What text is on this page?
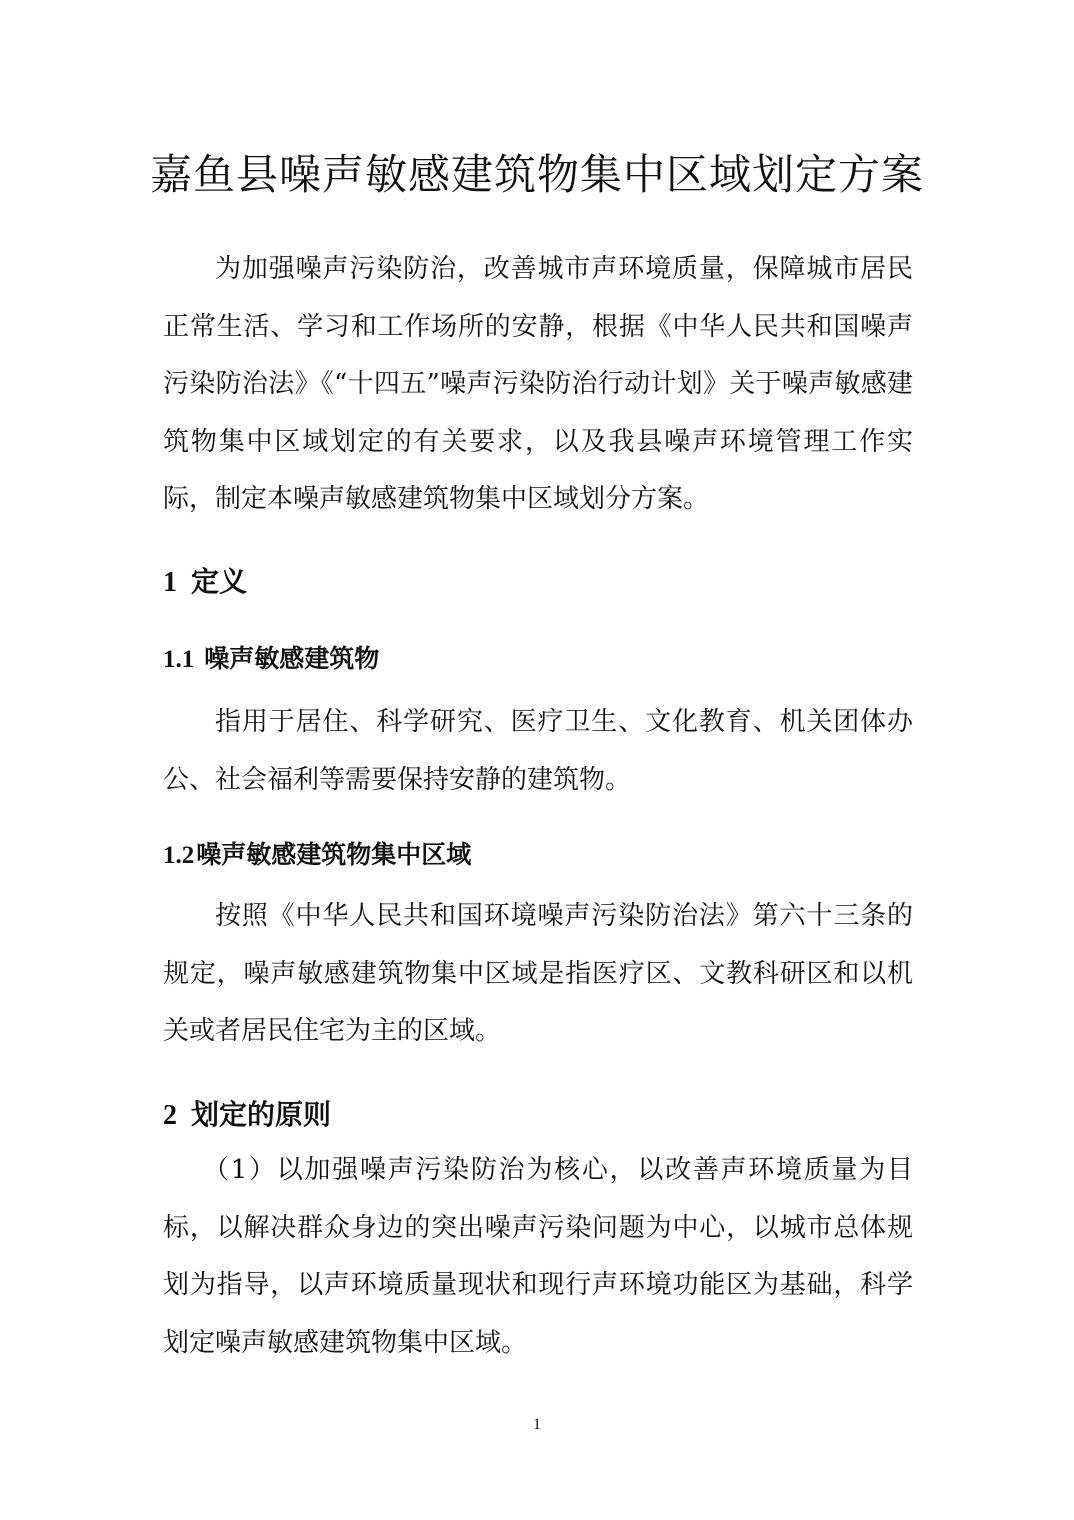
嘉鱼县噪声敏感建筑物集中区域划定方案

为加强噪声污染防治，改善城市声环境质量，保障城市居民正常生活、学习和工作场所的安静，根据《中华人民共和国噪声污染防治法》《“十四五”噪声污染防治行动计划》关于噪声敏感建筑物集中区域划定的有关要求，以及我县噪声环境管理工作实际，制定本噪声敏感建筑物集中区域划分方案。

1 定义
1.1 噪声敏感建筑物

指用于居住、科学研究、医疗卫生、文化教育、机关团体办公、社会福利等需要保持安静的建筑物。

1.2噪声敏感建筑物集中区域

按照《中华人民共和国环境噪声污染防治法》第六十三条的规定，噪声敏感建筑物集中区域是指医疗区、文教科研区和以机关或者居民住宅为主的区域。

2 划定的原则

（1）以加强噪声污染防治为核心，以改善声环境质量为目标，以解决群众身边的突出噪声污染问题为中心，以城市总体规划为指导，以声环境质量现状和现行声环境功能区为基础，科学划定噪声敏感建筑物集中区域。

1
